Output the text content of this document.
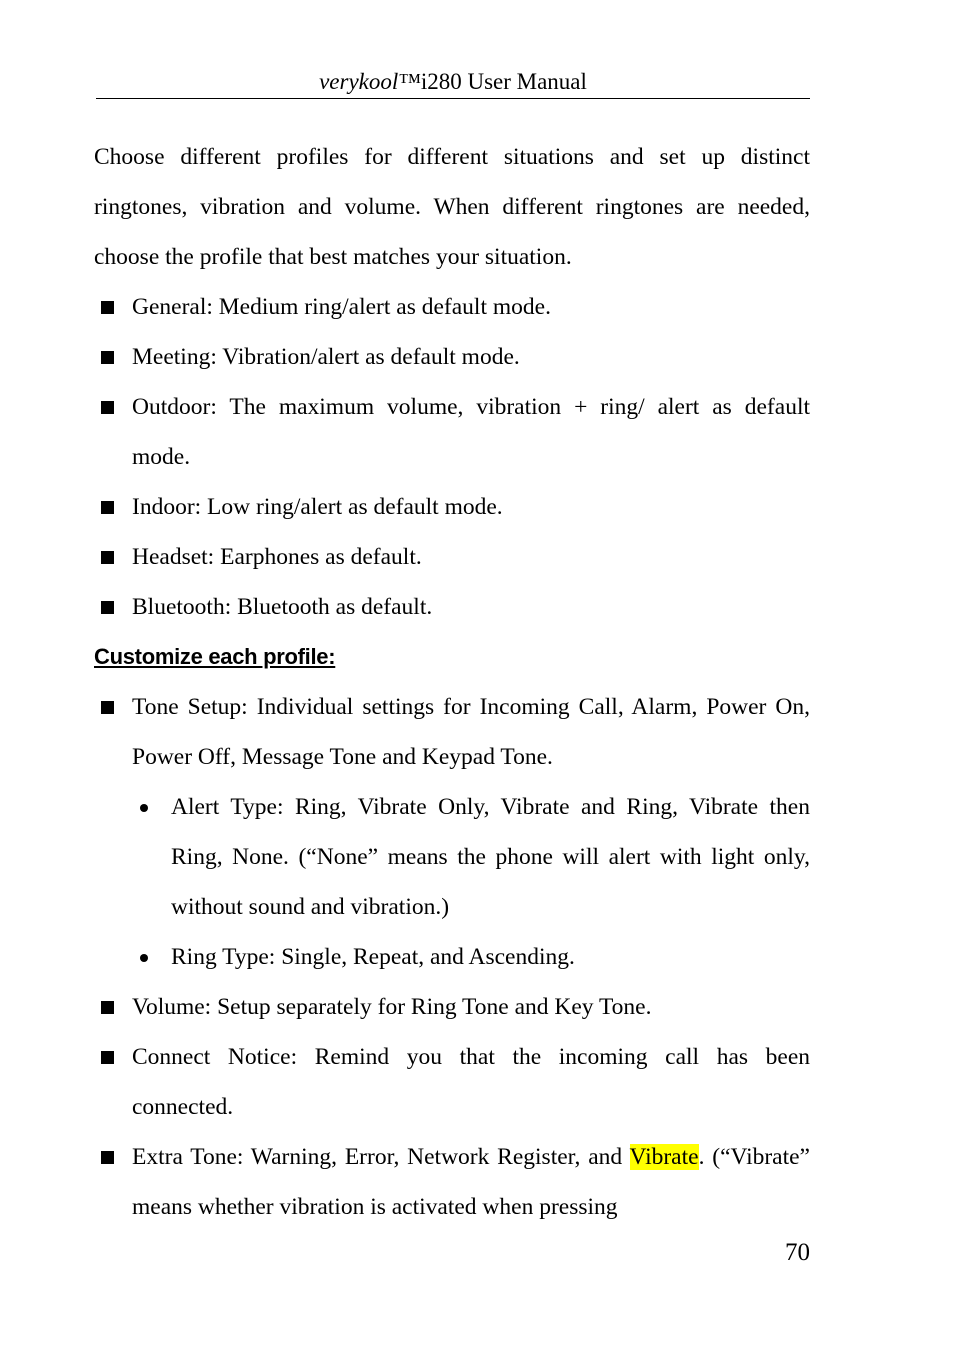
verykool™i280 User Manual

Choose different profiles for different situations and set up distinct ringtones, vibration and volume. When different ringtones are needed, choose the profile that best matches your situation.

General: Medium ring/alert as default mode.
Meeting: Vibration/alert as default mode.
Outdoor: The maximum volume, vibration + ring/ alert as default mode.
Indoor: Low ring/alert as default mode.
Headset: Earphones as default.
Bluetooth: Bluetooth as default.

Customize each profile:

Tone Setup: Individual settings for Incoming Call, Alarm, Power On, Power Off, Message Tone and Keypad Tone.
Alert Type: Ring, Vibrate Only, Vibrate and Ring, Vibrate then Ring, None. (“None” means the phone will alert with light only, without sound and vibration.)
Ring Type: Single, Repeat, and Ascending.
Volume: Setup separately for Ring Tone and Key Tone.
Connect Notice: Remind you that the incoming call has been connected.
Extra Tone: Warning, Error, Network Register, and Vibrate. (“Vibrate” means whether vibration is activated when pressing
70
